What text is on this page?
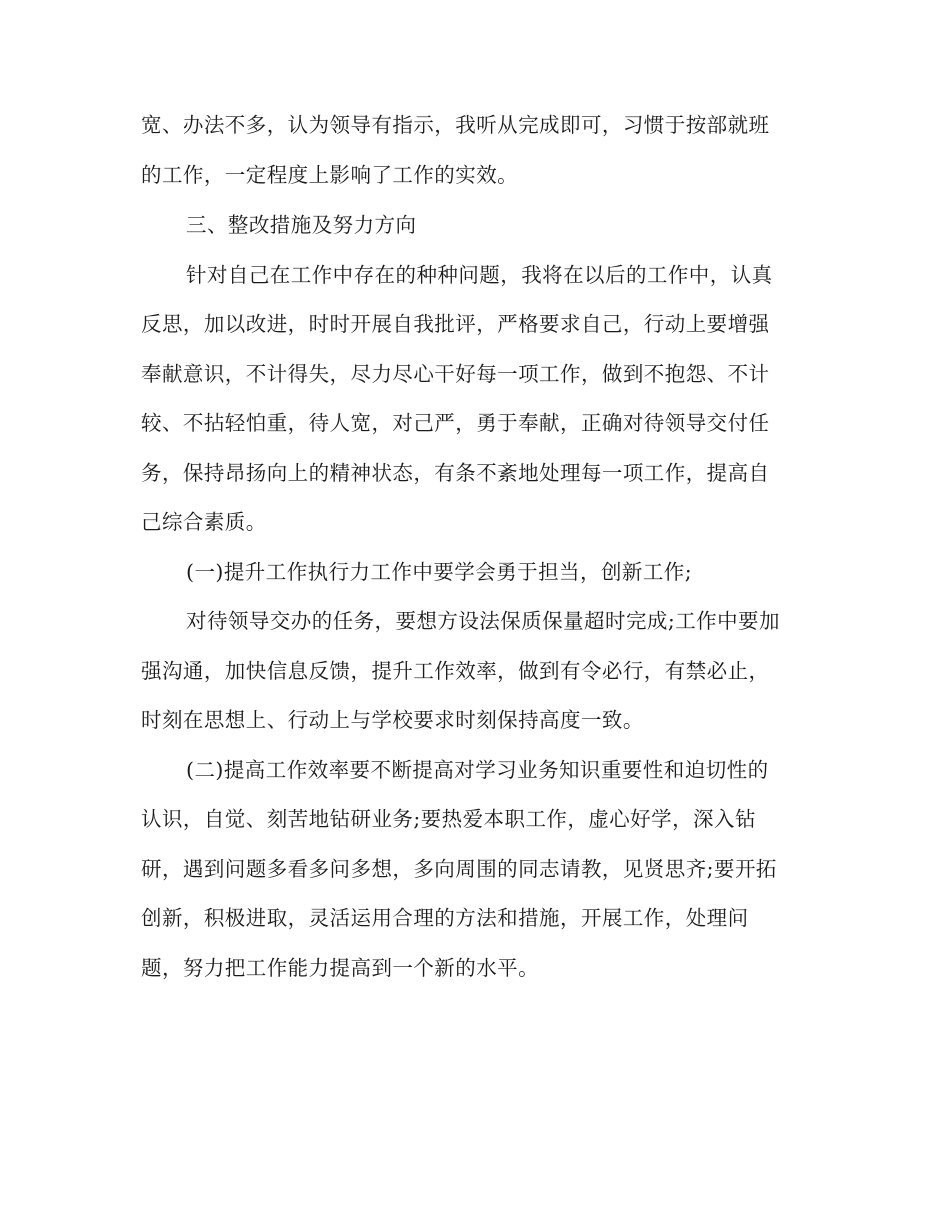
宽、办法不多，认为领导有指示，我听从完成即可，习惯于按部就班
的工作，一定程度上影响了工作的实效。
三、整改措施及努力方向
针对自己在工作中存在的种种问题，我将在以后的工作中，认真
反思，加以改进，时时开展自我批评，严格要求自己，行动上要增强
奉献意识，不计得失，尽力尽心干好每一项工作，做到不抱怨、不计
较、不拈轻怕重，待人宽，对己严，勇于奉献，正确对待领导交付任
务，保持昂扬向上的精神状态，有条不紊地处理每一项工作，提高自
己综合素质。
(一)提升工作执行力工作中要学会勇于担当，创新工作;
对待领导交办的任务，要想方设法保质保量超时完成;工作中要加
强沟通，加快信息反馈，提升工作效率，做到有令必行，有禁必止，
时刻在思想上、行动上与学校要求时刻保持高度一致。
(二)提高工作效率要不断提高对学习业务知识重要性和迫切性的
认识，自觉、刻苦地钻研业务;要热爱本职工作，虚心好学，深入钻
研，遇到问题多看多问多想，多向周围的同志请教，见贤思齐;要开拓
创新，积极进取，灵活运用合理的方法和措施，开展工作，处理问
题，努力把工作能力提高到一个新的水平。
